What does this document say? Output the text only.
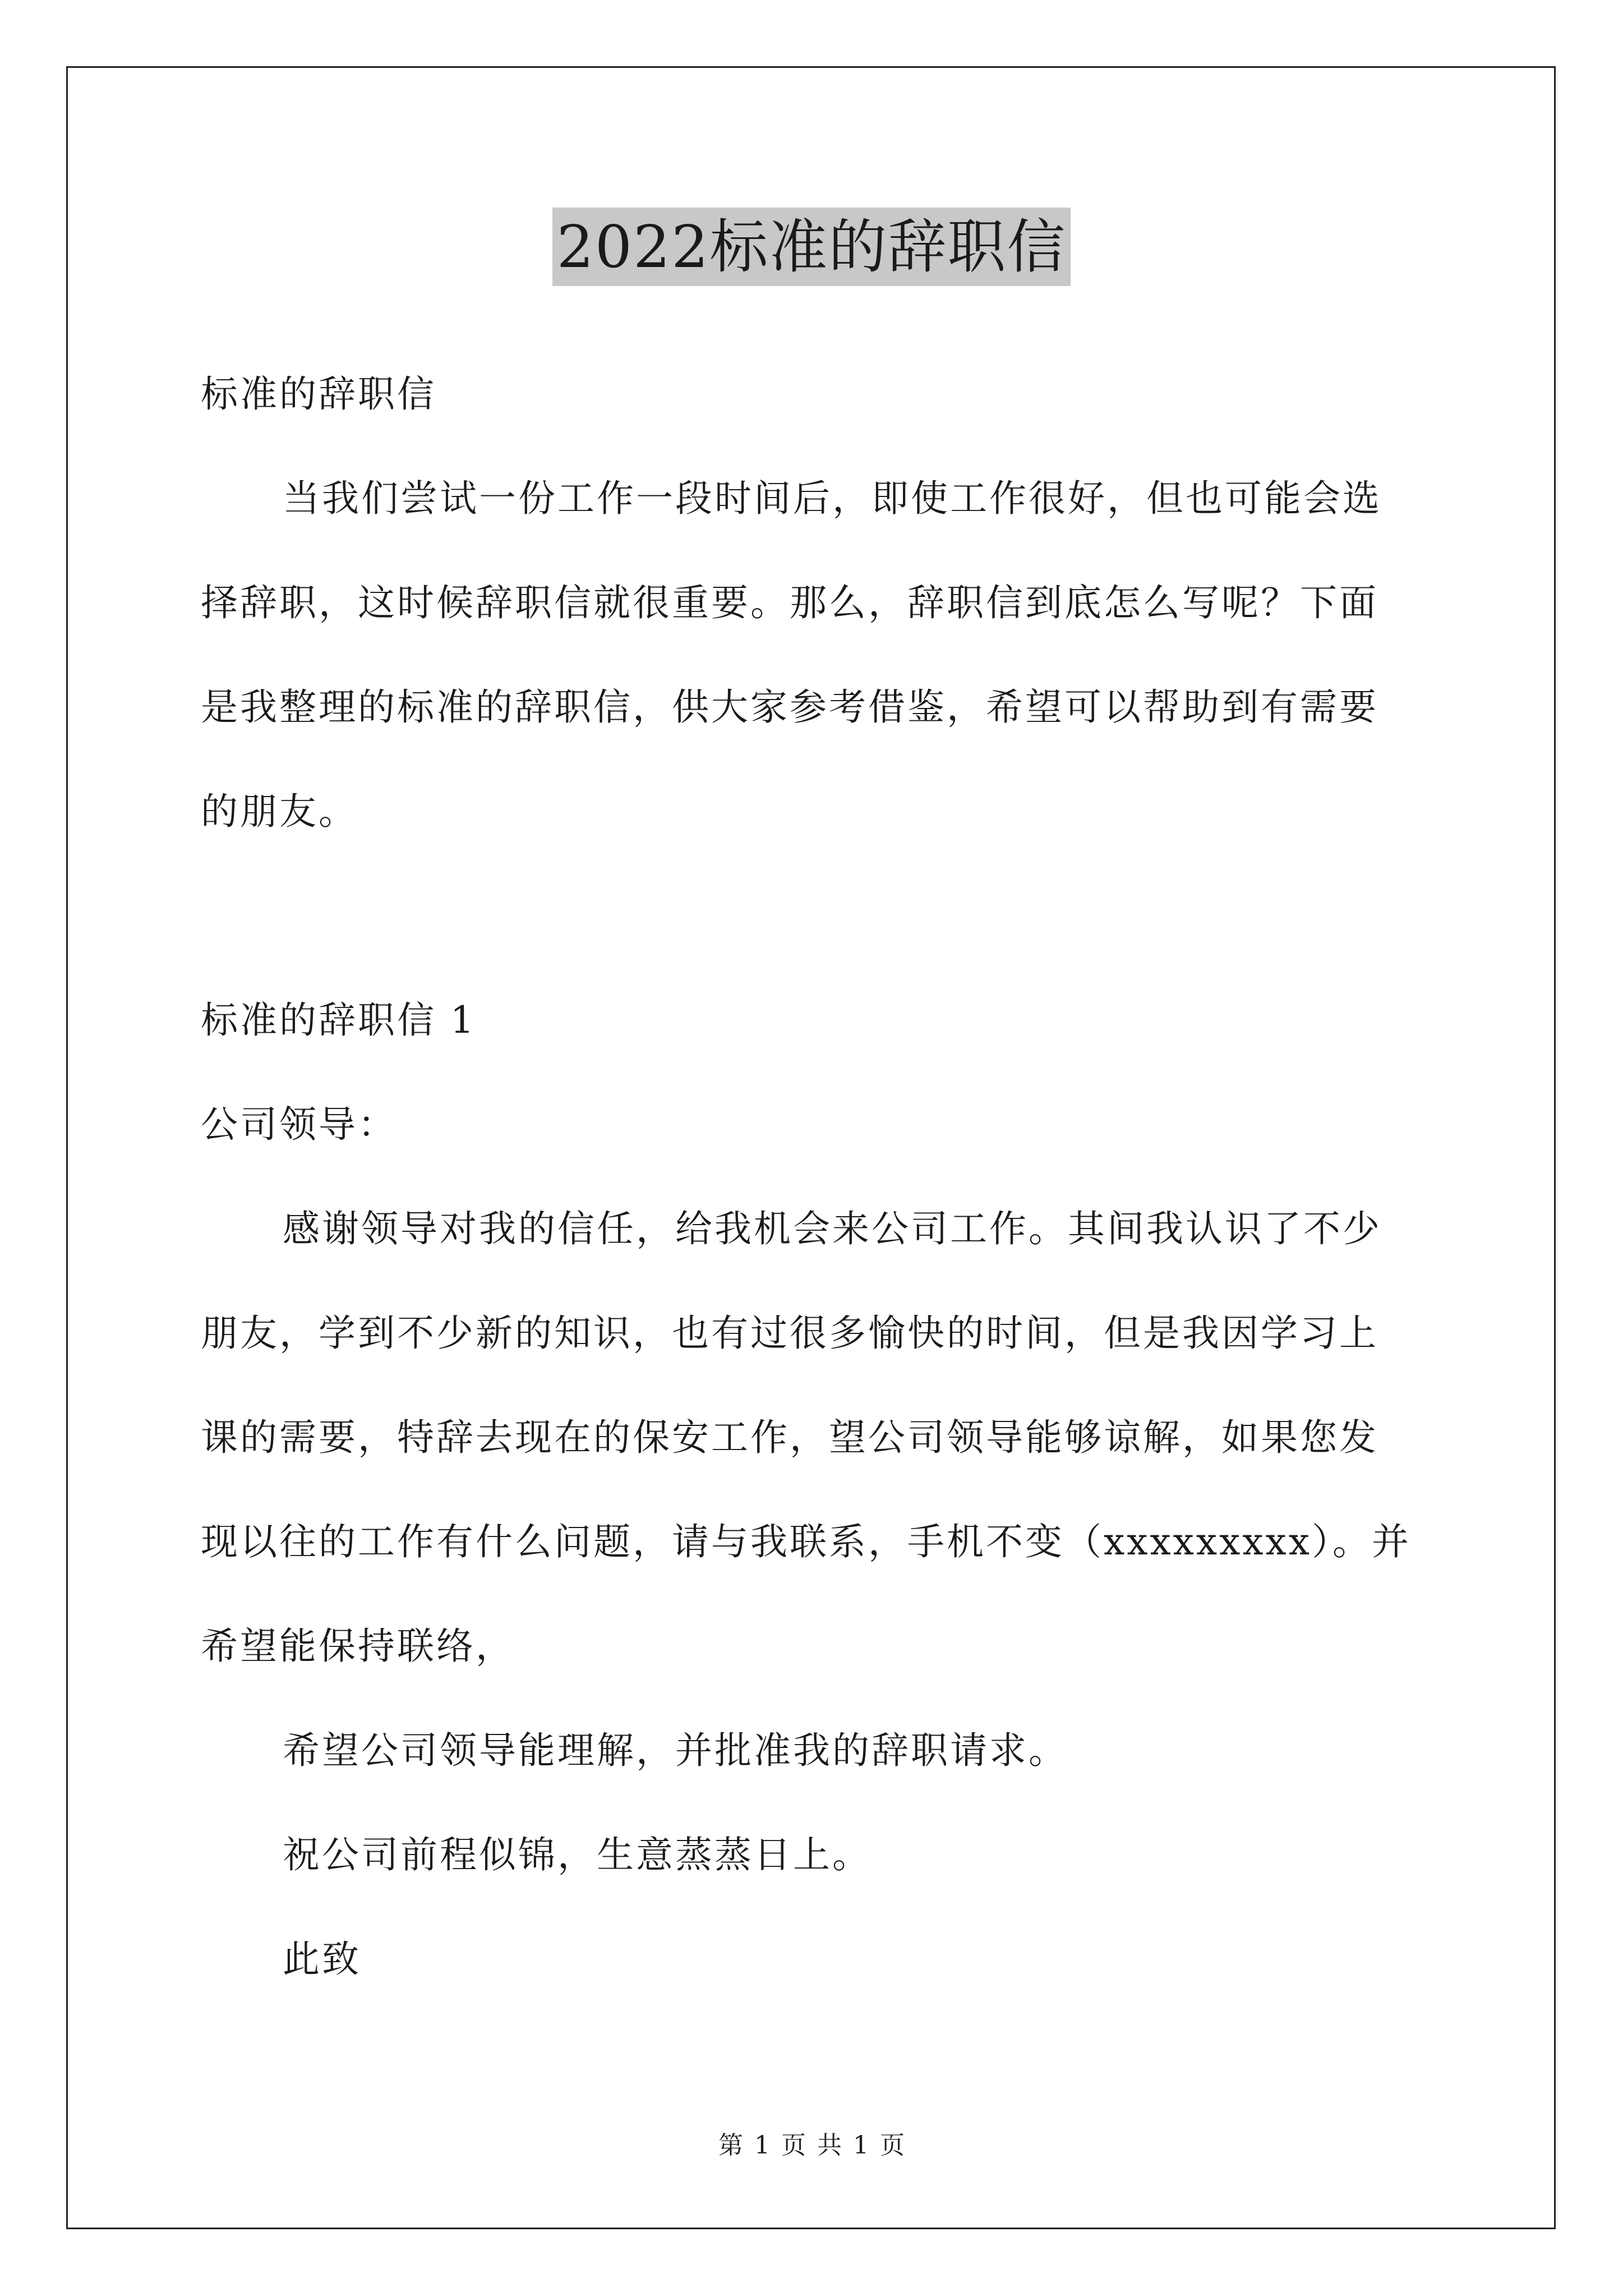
2022标准的辞职信

标准的辞职信

当我们尝试一份工作一段时间后，即使工作很好，但也可能会选

择辞职，这时候辞职信就很重要。那么，辞职信到底怎么写呢？下面

是我整理的标准的辞职信，供大家参考借鉴，希望可以帮助到有需要

的朋友。

标准的辞职信 1

公司领导：

感谢领导对我的信任，给我机会来公司工作。其间我认识了不少

朋友，学到不少新的知识，也有过很多愉快的时间，但是我因学习上

课的需要，特辞去现在的保安工作，望公司领导能够谅解，如果您发

现以往的工作有什么问题，请与我联系，手机不变（xxxxxxxxx）。并

希望能保持联络，

希望公司领导能理解，并批准我的辞职请求。

祝公司前程似锦，生意蒸蒸日上。

此致

第 1 页 共 1 页
